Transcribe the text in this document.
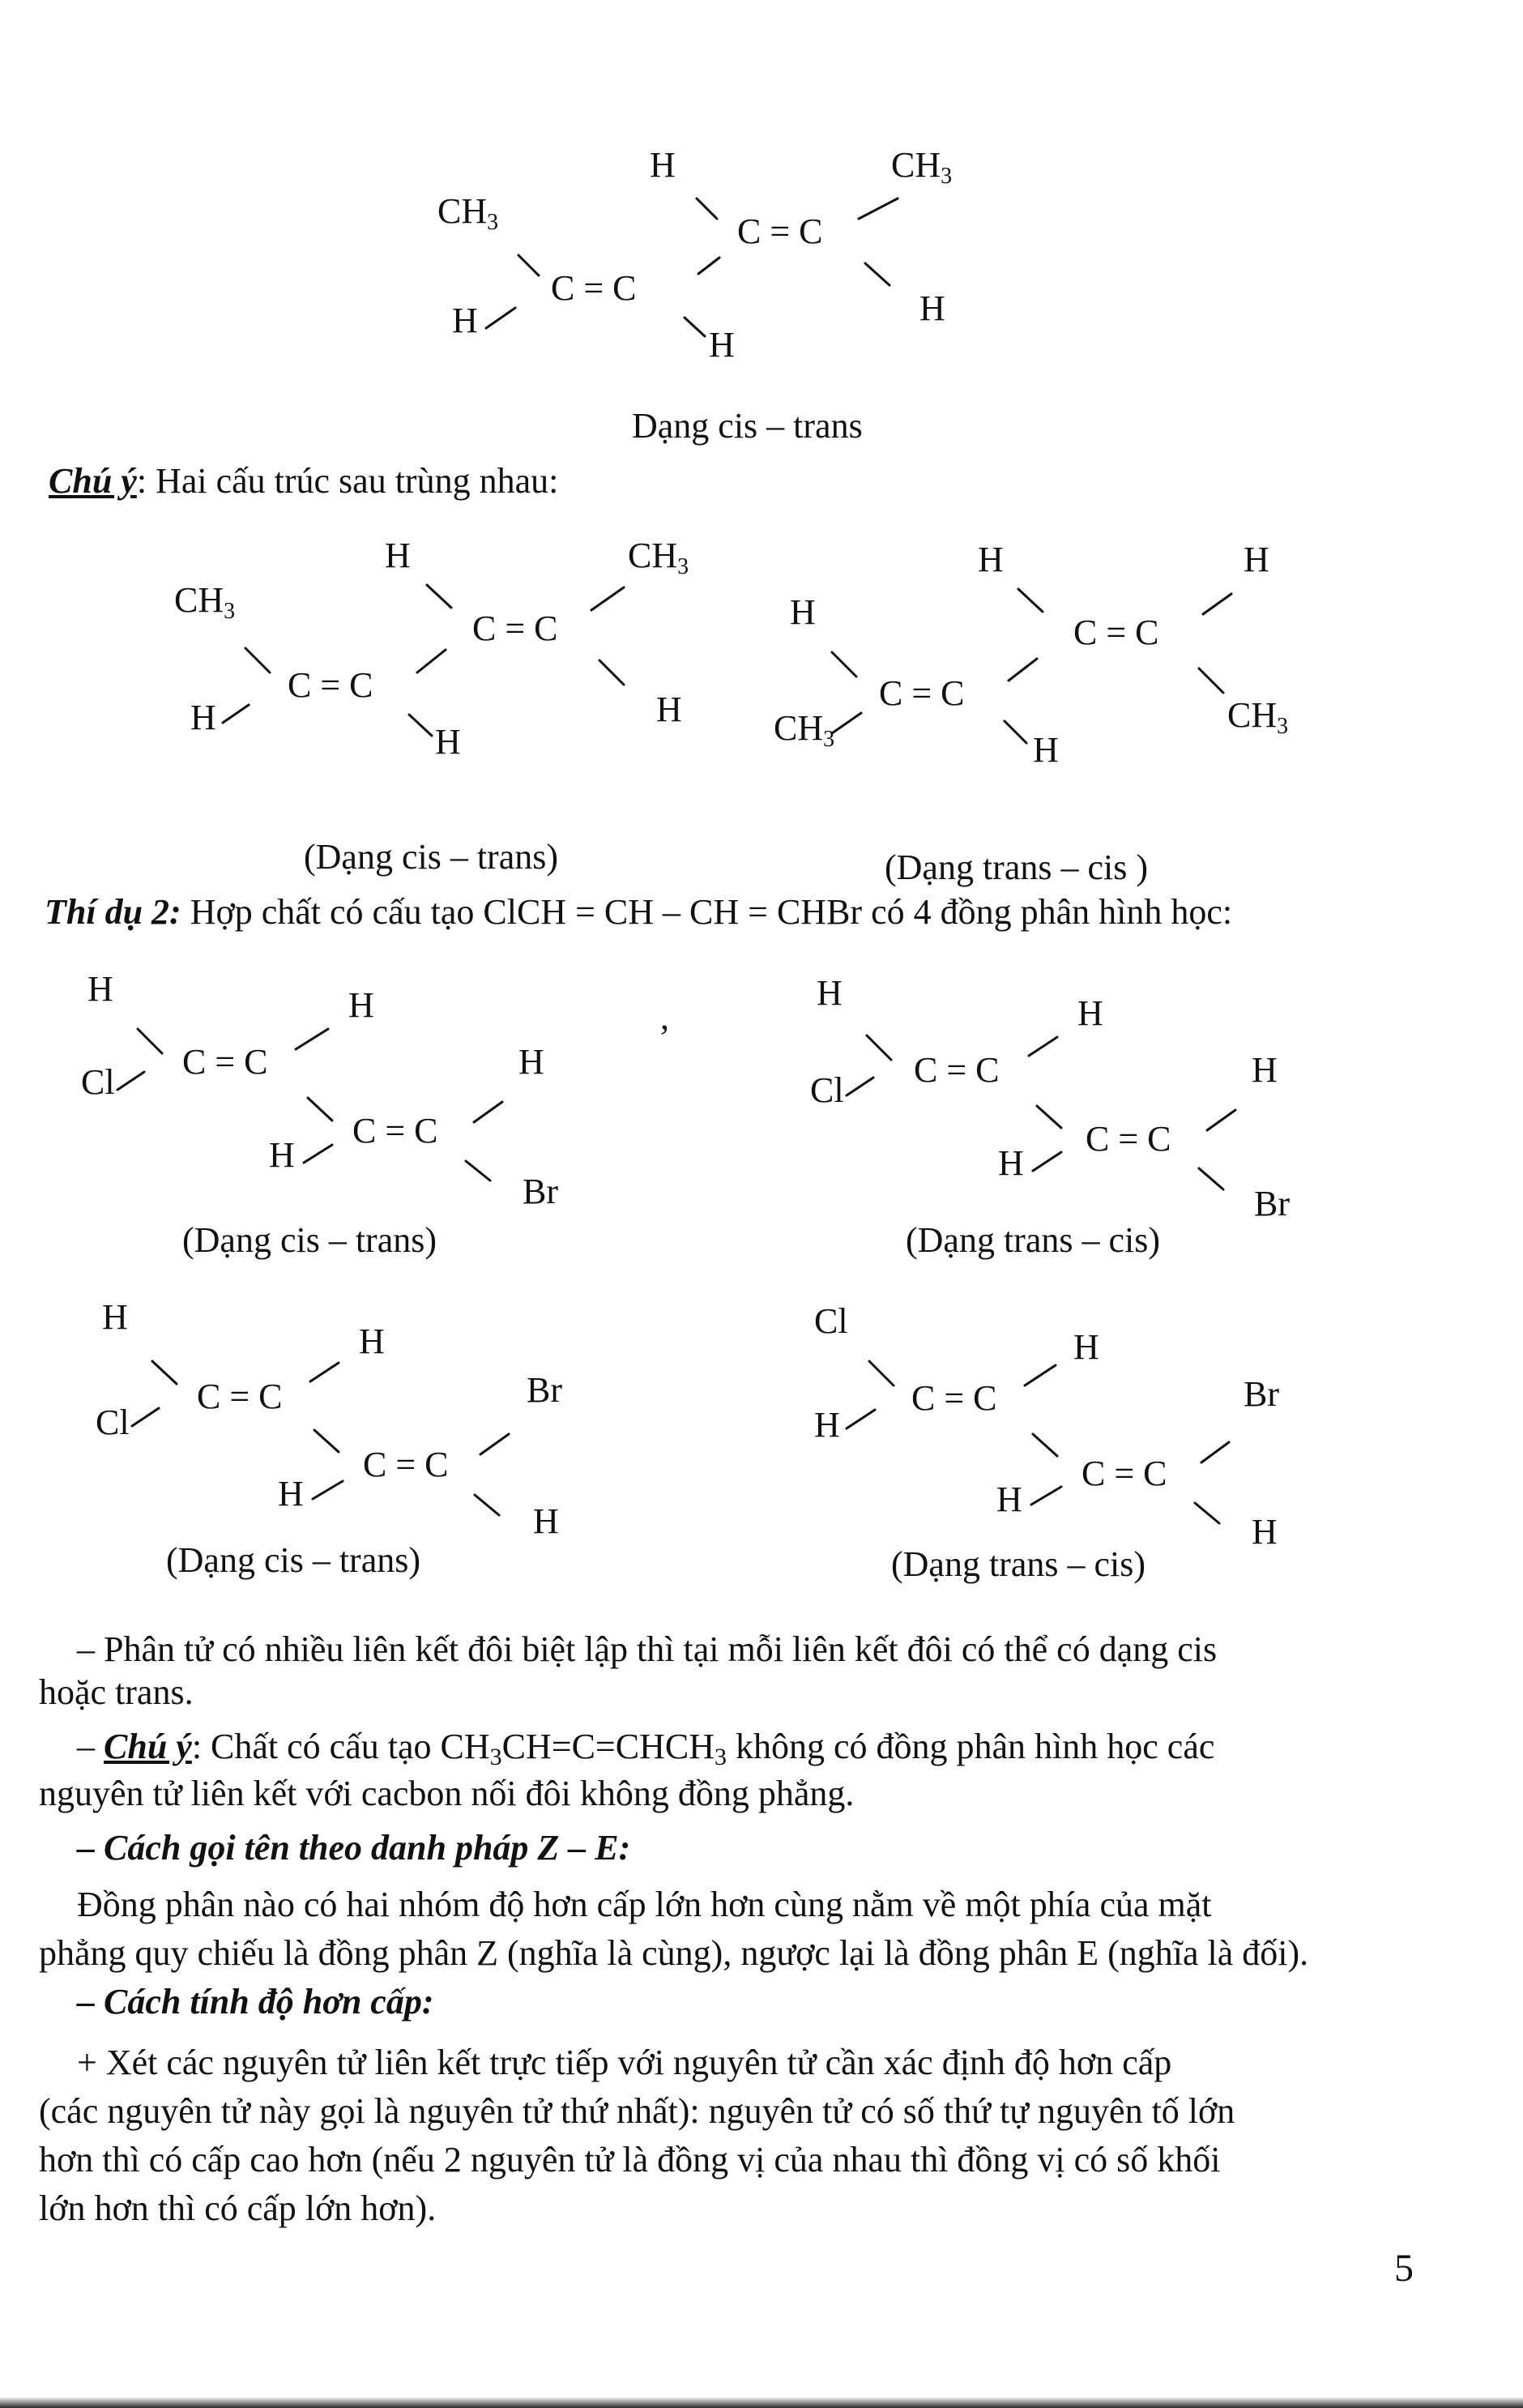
H	CH3
C = C
CH3
C = C
H
H
H
Dạng cis – trans
Chú ý: Hai cấu trúc sau trùng nhau:
H	CH3
C = C
CH3
C = C
H	H
H
H	H
C = C
H
C = C
CH3
CH3
H
(Dạng cis – trans)	(Dạng trans – cis )
Thí dụ 2: Hợp chất có cấu tạo ClCH = CH – CH = CHBr có 4 đồng phân hình học:
H	H
C = C	H
Cl
C = C
H
Br
(Dạng cis – trans)
,
H
H
C = C	H
Cl
C = C
H
Br
(Dạng trans – cis)
H
H
C = C	Br
Cl
C = C
H
H
(Dạng cis – trans)
Cl
H
C = C	Br
H
C = C
H
H
(Dạng trans – cis)
– Phân tử có nhiều liên kết đôi biệt lập thì tại mỗi liên kết đôi có thể có dạng cis
hoặc trans.
– Chú ý: Chất có cấu tạo CH3CH=C=CHCH3 không có đồng phân hình học các
nguyên tử liên kết với cacbon nối đôi không đồng phẳng.
– Cách gọi tên theo danh pháp Z – E:
Đồng phân nào có hai nhóm độ hơn cấp lớn hơn cùng nằm về một phía của mặt
phẳng quy chiếu là đồng phân Z (nghĩa là cùng), ngược lại là đồng phân E (nghĩa là đối).
– Cách tính độ hơn cấp:
+ Xét các nguyên tử liên kết trực tiếp với nguyên tử cần xác định độ hơn cấp
(các nguyên tử này gọi là nguyên tử thứ nhất): nguyên tử có số thứ tự nguyên tố lớn
hơn thì có cấp cao hơn (nếu 2 nguyên tử là đồng vị của nhau thì đồng vị có số khối
lớn hơn thì có cấp lớn hơn).
5
